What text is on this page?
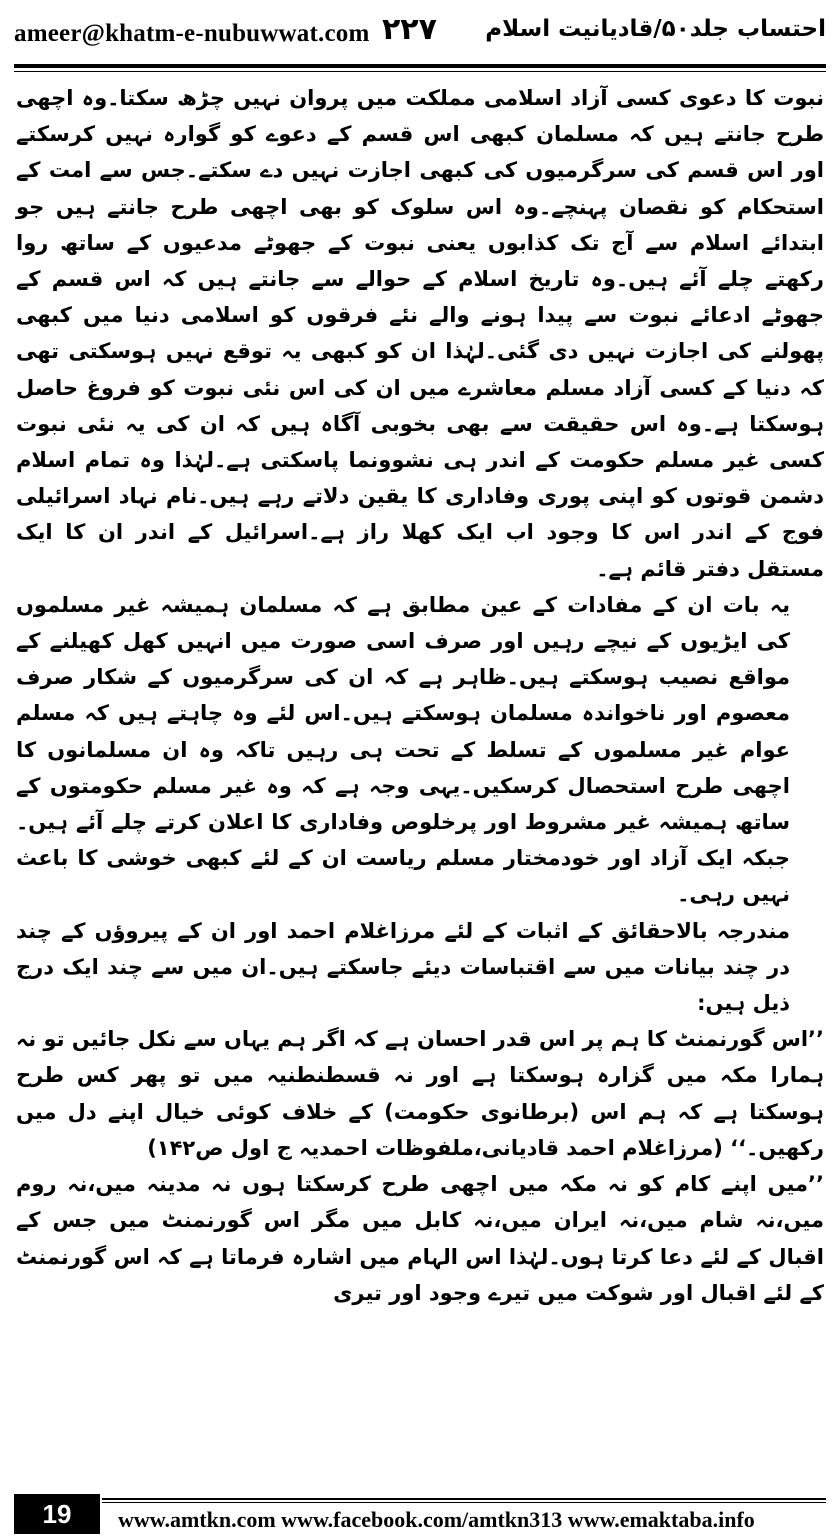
ameer@khatm-e-nubuwwat.com ۲۲۷ احتساب جلد۵۰/قادیانیت اسلام

نبوت کا دعوی کسی آزاد اسلامی مملکت میں پروان نہیں چڑھ سکتا۔وہ اچھی طرح جانتے ہیں کہ مسلمان کبھی اس قسم کے دعوے کو گوارہ نہیں کرسکتے اور اس قسم کی سرگرمیوں کی کبھی اجازت نہیں دے سکتے۔جس سے امت کے استحکام کو نقصان پہنچے۔وہ اس سلوک کو بھی اچھی طرح جانتے ہیں جو ابتدائے اسلام سے آج تک کذابوں یعنی نبوت کے جھوٹے مدعیوں کے ساتھ روا رکھتے چلے آئے ہیں۔وہ تاریخ اسلام کے حوالے سے جانتے ہیں کہ اس قسم کے جھوٹے ادعائے نبوت سے پیدا ہونے والے نئے فرقوں کو اسلامی دنیا میں کبھی پھولنے کی اجازت نہیں دی گئی۔لہٰذا ان کو کبھی یہ توقع نہیں ہوسکتی تھی کہ دنیا کے کسی آزاد مسلم معاشرے میں ان کی اس نئی نبوت کو فروغ حاصل ہوسکتا ہے۔وہ اس حقیقت سے بھی بخوبی آگاہ ہیں کہ ان کی یہ نئی نبوت کسی غیر مسلم حکومت کے اندر ہی نشوونما پاسکتی ہے۔لہٰذا وہ تمام اسلام دشمن قوتوں کو اپنی پوری وفاداری کا یقین دلاتے رہے ہیں۔نام نہاد اسرائیلی فوج کے اندر اس کا وجود اب ایک کھلا راز ہے۔اسرائیل کے اندر ان کا ایک مستقل دفتر قائم ہے۔

یہ بات ان کے مفادات کے عین مطابق ہے کہ مسلمان ہمیشہ غیر مسلموں کی ایڑیوں کے نیچے رہیں اور صرف اسی صورت میں انہیں کھل کھیلنے کے مواقع نصیب ہوسکتے ہیں۔ظاہر ہے کہ ان کی سرگرمیوں کے شکار صرف معصوم اور ناخواندہ مسلمان ہوسکتے ہیں۔اس لئے وہ چاہتے ہیں کہ مسلم عوام غیر مسلموں کے تسلط کے تحت ہی رہیں تاکہ وہ ان مسلمانوں کا اچھی طرح استحصال کرسکیں۔یہی وجہ ہے کہ وہ غیر مسلم حکومتوں کے ساتھ ہمیشہ غیر مشروط اور پرخلوص وفاداری کا اعلان کرتے چلے آئے ہیں۔جبکہ ایک آزاد اور خودمختار مسلم ریاست ان کے لئے کبھی خوشی کا باعث نہیں رہی۔

مندرجہ بالاحقائق کے اثبات کے لئے مرزاغلام احمد اور ان کے پیروؤں کے چند در چند بیانات میں سے اقتباسات دیئے جاسکتے ہیں۔ان میں سے چند ایک درج ذیل ہیں:

’’اس گورنمنٹ کا ہم پر اس قدر احسان ہے کہ اگر ہم یہاں سے نکل جائیں تو نہ ہمارا مکہ میں گزارہ ہوسکتا ہے اور نہ قسطنطنیہ میں تو پھر کس طرح ہوسکتا ہے کہ ہم اس (برطانوی حکومت) کے خلاف کوئی خیال اپنے دل میں رکھیں۔‘‘ (مرزاغلام احمد قادیانی،ملفوظات احمدیہ ج اول ص۱۴۲)

’’میں اپنے کام کو نہ مکہ میں اچھی طرح کرسکتا ہوں نہ مدینہ میں،نہ روم میں،نہ شام میں،نہ ایران میں،نہ کابل میں مگر اس گورنمنٹ میں جس کے اقبال کے لئے دعا کرتا ہوں۔لہٰذا اس الہام میں اشارہ فرماتا ہے کہ اس گورنمنٹ کے لئے اقبال اور شوکت میں تیرے وجود اور تیری

19	www.amtkn.com www.facebook.com/amtkn313 www.emaktaba.info
